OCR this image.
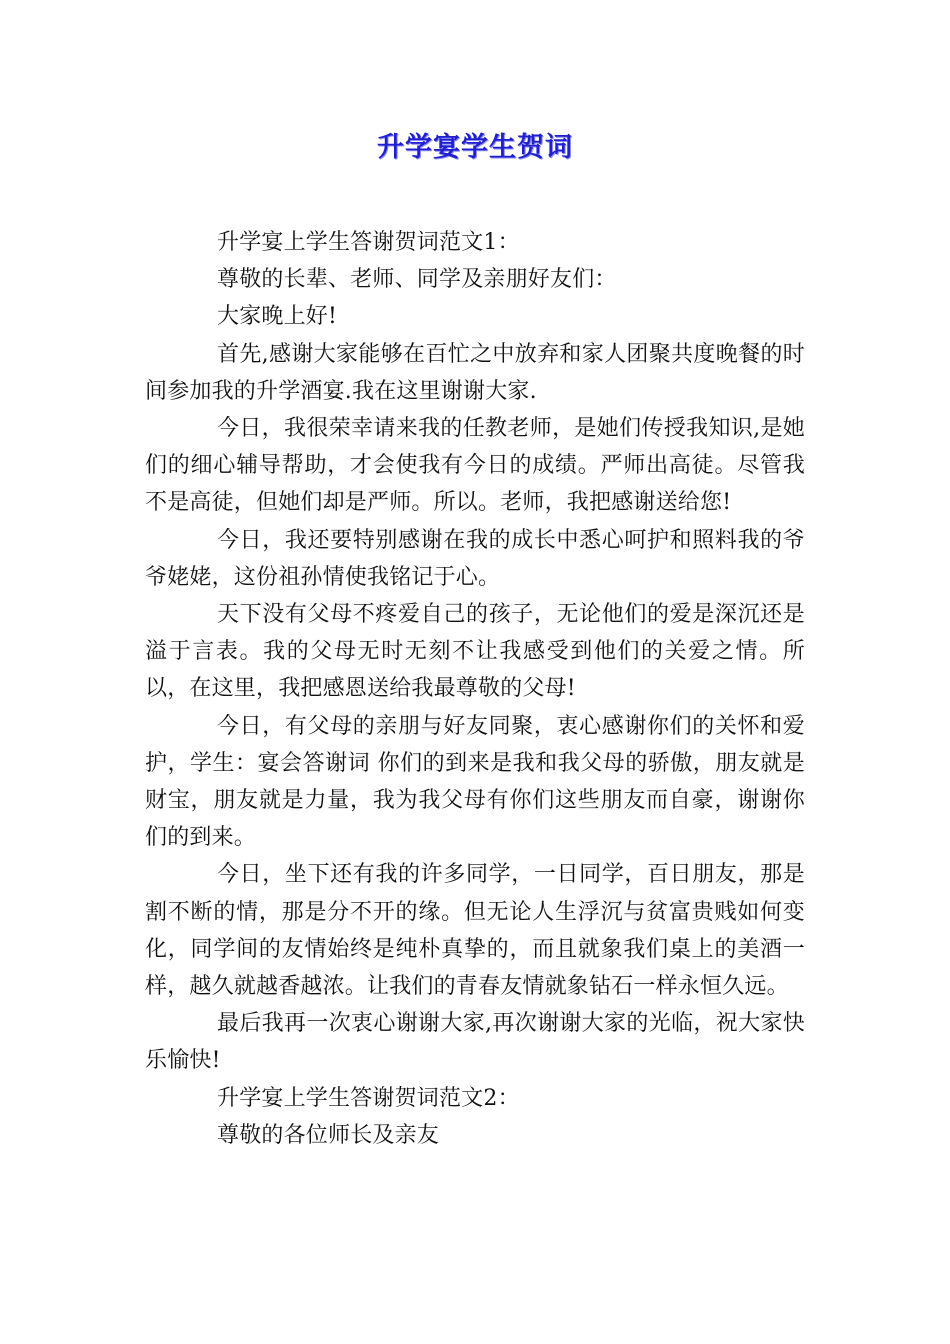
升学宴学生贺词

升学宴上学生答谢贺词范文1：

尊敬的长辈、老师、同学及亲朋好友们：

大家晚上好!

首先,感谢大家能够在百忙之中放弃和家人团聚共度晚餐的时间参加我的升学酒宴.我在这里谢谢大家.

今日，我很荣幸请来我的任教老师，是她们传授我知识,是她们的细心辅导帮助，才会使我有今日的成绩。严师出高徒。尽管我不是高徒，但她们却是严师。所以。老师，我把感谢送给您!

今日，我还要特别感谢在我的成长中悉心呵护和照料我的爷爷姥姥，这份祖孙情使我铭记于心。

天下没有父母不疼爱自己的孩子，无论他们的爱是深沉还是溢于言表。我的父母无时无刻不让我感受到他们的关爱之情。所以，在这里，我把感恩送给我最尊敬的父母!

今日，有父母的亲朋与好友同聚，衷心感谢你们的关怀和爱护，学生：宴会答谢词 你们的到来是我和我父母的骄傲，朋友就是财宝，朋友就是力量，我为我父母有你们这些朋友而自豪，谢谢你们的到来。

今日，坐下还有我的许多同学，一日同学，百日朋友，那是割不断的情，那是分不开的缘。但无论人生浮沉与贫富贵贱如何变化，同学间的友情始终是纯朴真挚的，而且就象我们桌上的美酒一样，越久就越香越浓。让我们的青春友情就象钻石一样永恒久远。

最后我再一次衷心谢谢大家,再次谢谢大家的光临，祝大家快乐愉快!

升学宴上学生答谢贺词范文2：

尊敬的各位师长及亲友
